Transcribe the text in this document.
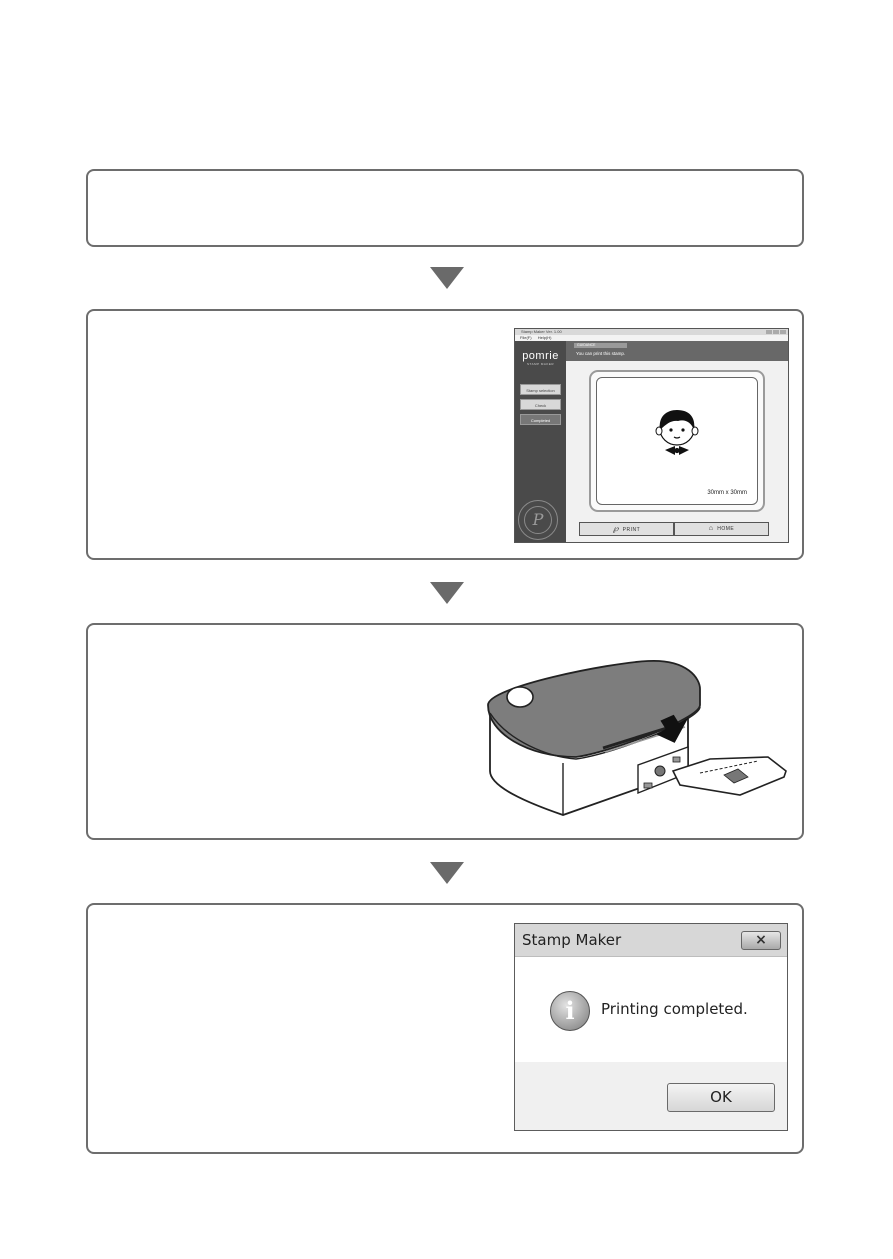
Stamp Maker Ver. 1.00
File(F) Help(H)
pomrie
STAMP MAKER
Stamp selection
Check
Completed
P
GUIDANCE
You can print this stamp.
30mm x 30mm
℘ PRINT	⌂ HOME
Stamp Maker	×
i	Printing completed.
OK
